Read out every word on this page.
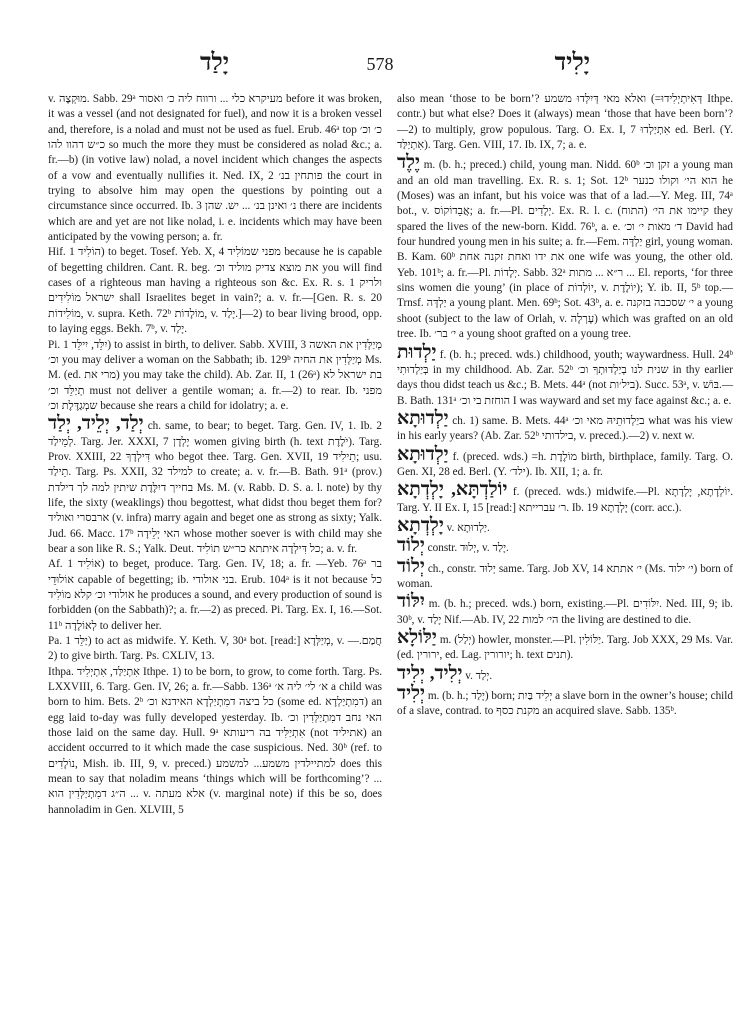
יָלַד	578	יָלִיד

v. מוּקְצֶה. Sabb. 29ᵃ מעיקרא כלי ... ורווח ליה כ׳ ואסור before it was broken, it was a vessel (and not designated for fuel), and now it is a broken vessel and, therefore, is a nolad and must not be used as fuel. Erub. 46ᵃ top כ׳ וכ׳ כ״ש דהוו להו so much the more they must be considered as nolad &c.; a. fr.—b) (in votive law) nolad, a novel incident which changes the aspects of a vow and eventually nullifies it. Ned. IX, 2 פותחין בנ׳ the court in trying to absolve him may open the questions by pointing out a circumstance since occurred. Ib. 3 נ׳ ואינן בנ׳ ... יש. שהן there are incidents which are and yet are not like nolad, i. e. incidents which may have been anticipated by the vowing person; a. fr.

Hif. הוֹלִיד 1) to beget. Tosef. Yeb. X, 4 מפני שמוֹלִיד because he is capable of begetting children. Cant. R. beg. את מוצא צדיק מוליד וכ׳ you will find cases of a righteous man having a righteous son &c. Ex. R. s. 1 ולריק ישראל מוֹלִידִים shall Israelites beget in vain?; a. v. fr.—[Gen. R. s. 20 מוֹלִידוֹת, v. supra. Keth. 72ᵇ מוֹלָדוֹת, v. יָלַד.]—2) to bear living brood, opp. to laying eggs. Bekh. 7ᵇ, v. יָלַד.

Pi. יִלֵּד, יִילֵּד 1) to assist in birth, to deliver. Sabb. XVIII, 3 מְיַלְּדִין את האשה וכ׳ you may deliver a woman on the Sabbath; ib. 129ᵇ מְיַלְּדִין את החיה Ms. M. (ed. מרי את) you may take the child). Ab. Zar. II, 1 (26ᵃ) בת ישראל לא תְיַלֵּד וכ׳ must not deliver a gentile woman; a. fr.—2) to rear. Ib. מפני שמְגַדֶּלֶת וכ׳ because she rears a child for idolatry; a. e.

יְלַד, יְלֵיד, יְלַד ch. same, to bear; to beget. Targ. Gen. IV, 1. Ib. 2 לְמֵילַד. Targ. Jer. XXXI, 7 יָלְדָן women giving birth (h. text יֹלֶדֶת). Targ. Prov. XXIII, 22 דִּילְדָךְ who begot thee. Targ. Gen. XVII, 19 תֵילִיד; usu. תֵילַד. Targ. Ps. XXII, 32 למילד to create; a. v. fr.—B. Bath. 91ᵃ (prov.) בחייך דיִלֶּדֶת שיתין למה לך דילדת Ms. M. (v. Rabb. D. S. a. l. note) by thy life, the sixty (weaklings) thou begottest, what didst thou beget them for? ארבסרי ואוליד (v. infra) marry again and beget one as strong as sixty; Yalk. Jud. 66. Macc. 17ᵇ האי יְלֵידָה whose mother soever is with child may she bear a son like R. S.; Yalk. Deut. כל דִּילְדָה איתתא כר״ש תוֹלִיד; a. v. fr.

Af. אוֹלִיד 1) to beget, produce. Targ. Gen. IV, 18; a. fr. —Yeb. 76ᵃ בר אוֹלוּדֵי capable of begetting; ib. בני אולודי. Erub. 104ᵃ is it not because כל אולודי וכ׳ קלא מוֹלִיד he produces a sound, and every production of sound is forbidden (on the Sabbath)?; a. fr.—2) as preced. Pi. Targ. Ex. I, 16.—Sot. 11ᵇ לְאוֹלָדָה to deliver her.

Pa. יַלֵּד 1) to act as midwife. Y. Keth. V, 30ᵃ bot. [read:] מְיַלְּדָא, v. חֲמַם.—2) to give birth. Targ. Ps. CXLIV, 13.

Ithpa. אִתְיַלַּד, אִתְיְלִיד Ithpe. 1) to be born, to grow, to come forth. Targ. Ps. LXXVIII, 6. Targ. Gen. IV, 26; a. fr.—Sabb. 136ᵃ א׳ לי׳ ליה א׳ a child was born to him. Bets. 2ᵇ כל ביצה דמִתְיַלְדָא האידנא וכ׳ (some ed. דמִתְיַלְדָא) an egg laid to-day was fully developed yesterday. Ib. האי נחב דמִתְיַלְּדִין וכ׳ those laid on the same day. Hull. 9ᵃ אִתְיַלִּיד בה ריעותא (not אתיליד) an accident occurred to it which made the case suspicious. Ned. 30ᵇ (ref. to נוֹלָדִים, Mish. ib. III, 9, v. preced.) למתיילדין משמע... למשמע does this mean to say that noladim means ‘things which will be forthcoming’? ... ה״ג דמִתְיַלְּדִין הוא ... v. אלא מעתה (v. marginal note) if this be so, does hannoladim in Gen. XLVIII, 5

also mean ‘those to be born’? ואלא מאי דְּיִלְּדוּ משמע (=דְּאִיתְיְלִידוּ Ithpe. contr.) but what else? Does it (always) mean ‘those that have been born’?—2) to multiply, grow populous. Targ. O. Ex. I, 7 אִתְיַלְדוּ ed. Berl. (Y. אִתְיַלַּד). Targ. Gen. VIII, 17. Ib. IX, 7; a. e.

יֶלֶד m. (b. h.; preced.) child, young man. Nidd. 60ᵇ זקן וכ׳ a young man and an old man travelling. Ex. R. s. 1; Sot. 12ᵇ הוא הי׳ וקולו כנער he (Moses) was an infant, but his voice was that of a lad.—Y. Meg. III, 74ᵃ bot., v. אֲבֵדוֹקוֹס; a. fr.—Pl. יְלָדִים. Ex. R. l. c. קיימו את הי׳ (התוח) they spared the lives of the new-born. Kidd. 76ᵇ, a. e. ד׳ מאות י׳ וכ׳ David had four hundred young men in his suite; a. fr.—Fem. יַלְדָּה girl, young woman. B. Kam. 60ᵇ את ידו ואחת זקנה אחת one wife was young, the other old. Yeb. 101ᵇ; a. fr.—Pl. יְלָדוֹת. Sabb. 32ᵃ ר״א ... מתות ... El. reports, ‘for three sins women die young’ (in place of יוֹלְדוֹת, v. יוֹלֶדֶת); Y. ib. II, 5ᵇ top.—Trnsf. יַלְדָּה a young plant. Men. 69ᵇ; Sot. 43ᵇ, a. e. י׳ שסכבה בזקנה a young shoot (subject to the law of Orlah, v. עָרְלָה) which was grafted on an old tree. Ib. י׳ בר׳ a young shoot grafted on a young tree.

יַלְדוּת f. (b. h.; preced. wds.) childhood, youth; waywardness. Hull. 24ᵇ בְּיַלְדוּתִי in my childhood. Ab. Zar. 52ᵇ שנית לנו בְיַלְדוּתְךָ וכ׳ in thy earlier days thou didst teach us &c.; B. Mets. 44ᵃ (not ביל׳ות). Succ. 53ᵃ, v. בּוֹשׁ.— B. Bath. 131ᵃ הוחזת בי וכ׳ I was wayward and set my face against &c.; a. e.

יַלְדוּתָא ch. 1) same. B. Mets. 44ᵃ ביַלְדוּתֵיהּ מאי וכ׳ what was his view in his early years? (Ab. Zar. 52ᵇ בילדותי, v. preced.).—2) v. next w.

יַלְדוּתָא f. (preced. wds.) =h. מוֹלֶדֶת birth, birthplace, family. Targ. O. Gen. XI, 28 ed. Berl. (Y. ילד׳). Ib. XII, 1; a. fr.

יוֹלַדְתָּא, יָלְדְתָא f. (preced. wds.) midwife.—Pl. יוֹלְדָתָא, יָלְדָתָא. Targ. Y. II Ex. I, 15 [read:] ר׳ עברייתא. Ib. 19 יָלְדָתָא (corr. acc.).

יָלְדְתָא v. יַלְדוּתָא.

יְלוֹד constr. יְלוּד, v. יָלַד.

יְלוֹד ch., constr. יְלוּד same. Targ. Job XV, 14 י׳ אתתא (Ms. י׳ ילוד) born of woman.

יִלּוֹד m. (b. h.; preced. wds.) born, existing.—Pl. יִלּוֹדִים. Ned. III, 9; ib. 30ᵇ, v. יָלַד Nif.—Ab. IV, 22 הי׳ למות the living are destined to die.

יַלּוֹלָא m. (יְלַל) howler, monster.—Pl. יַלּוֹלִין. Targ. Job XXX, 29 Ms. Var. (ed. ירורין, ed. Lag. יורורין; h. text תנים).

יְלִיד, יְלִיד v. יְלַד.

יְלִיד m. (b. h.; יָלַד) born; יְלִיד בַּיִת a slave born in the owner’s house; child of a slave, contrad. to מקנת כסף an acquired slave. Sabb. 135ᵇ.
